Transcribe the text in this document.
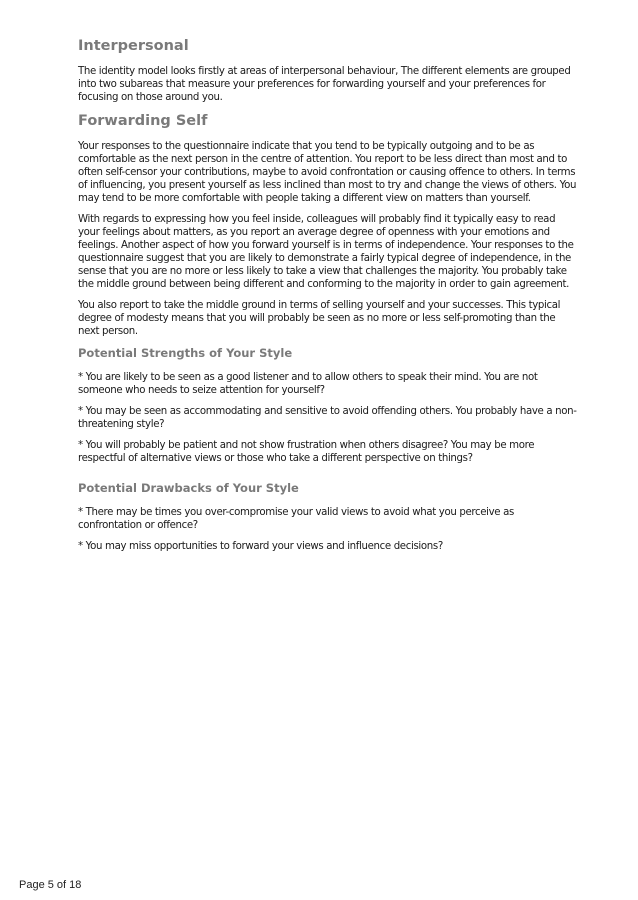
Interpersonal

The identity model looks firstly at areas of interpersonal behaviour, The different elements are grouped into two subareas that measure your preferences for forwarding yourself and your preferences for focusing on those around you.

Forwarding Self

Your responses to the questionnaire indicate that you tend to be typically outgoing and to be as comfortable as the next person in the centre of attention. You report to be less direct than most and to often self-censor your contributions, maybe to avoid confrontation or causing offence to others. In terms of influencing, you present yourself as less inclined than most to try and change the views of others. You may tend to be more comfortable with people taking a different view on matters than yourself.

With regards to expressing how you feel inside, colleagues will probably find it typically easy to read your feelings about matters, as you report an average degree of openness with your emotions and feelings. Another aspect of how you forward yourself is in terms of independence. Your responses to the questionnaire suggest that you are likely to demonstrate a fairly typical degree of independence, in the sense that you are no more or less likely to take a view that challenges the majority. You probably take the middle ground between being different and conforming to the majority in order to gain agreement.

You also report to take the middle ground in terms of selling yourself and your successes. This typical degree of modesty means that you will probably be seen as no more or less self-promoting than the next person.

Potential Strengths of Your Style

* You are likely to be seen as a good listener and to allow others to speak their mind. You are not someone who needs to seize attention for yourself?

* You may be seen as accommodating and sensitive to avoid offending others. You probably have a non-threatening style?

* You will probably be patient and not show frustration when others disagree? You may be more respectful of alternative views or those who take a different perspective on things?

Potential Drawbacks of Your Style

* There may be times you over-compromise your valid views to avoid what you perceive as confrontation or offence?

* You may miss opportunities to forward your views and influence decisions?

Page 5 of 18
